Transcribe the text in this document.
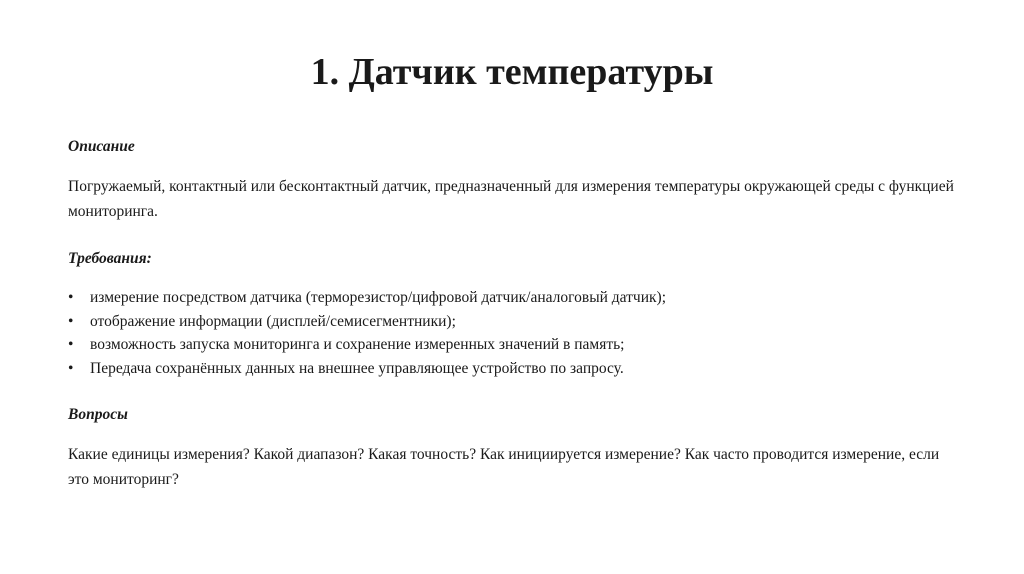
1. Датчик температуры

Описание

Погружаемый, контактный или бесконтактный датчик, предназначенный для измерения температуры окружающей среды с функцией мониторинга.

Требования:

• измерение посредством датчика (терморезистор/цифровой датчик/аналоговый датчик);
• отображение информации (дисплей/семисегментники);
• возможность запуска мониторинга и сохранение измеренных значений в память;
• Передача сохранённых данных на внешнее управляющее устройство по запросу.

Вопросы

Какие единицы измерения? Какой диапазон? Какая точность? Как инициируется измерение? Как часто проводится измерение, если это мониторинг?
